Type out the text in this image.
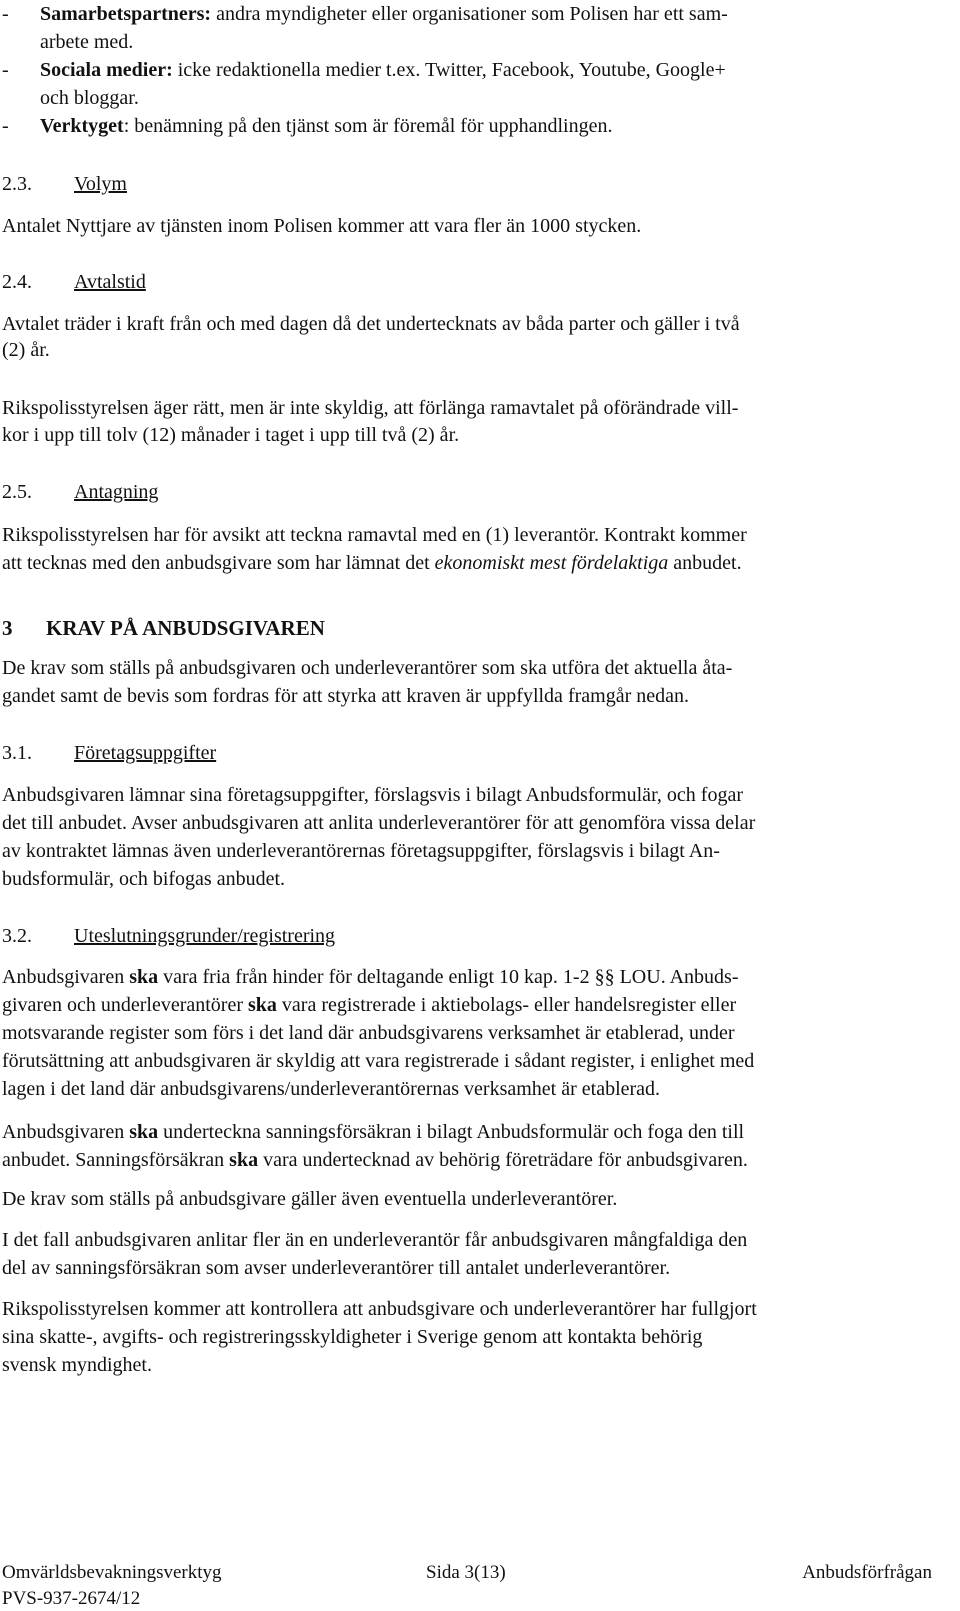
- Samarbetspartners: andra myndigheter eller organisationer som Polisen har ett sam-
arbete med.
- Sociala medier: icke redaktionella medier t.ex. Twitter, Facebook, Youtube, Google+
och bloggar.
- Verktyget: benämning på den tjänst som är föremål för upphandlingen.
2.3. Volym

Antalet Nyttjare av tjänsten inom Polisen kommer att vara fler än 1000 stycken.

2.4. Avtalstid

Avtalet träder i kraft från och med dagen då det undertecknats av båda parter och gäller i två

(2) år.

Rikspolisstyrelsen äger rätt, men är inte skyldig, att förlänga ramavtalet på oförändrade vill-

kor i upp till tolv (12) månader i taget i upp till två (2) år.

2.5. Antagning

Rikspolisstyrelsen har för avsikt att teckna ramavtal med en (1) leverantör. Kontrakt kommer

att tecknas med den anbudsgivare som har lämnat det ekonomiskt mest fördelaktiga anbudet.

3 KRAV PÅ ANBUDSGIVAREN

De krav som ställs på anbudsgivaren och underleverantörer som ska utföra det aktuella åta-

gandet samt de bevis som fordras för att styrka att kraven är uppfyllda framgår nedan.

3.1. Företagsuppgifter

Anbudsgivaren lämnar sina företagsuppgifter, förslagsvis i bilagt Anbudsformulär, och fogar

det till anbudet. Avser anbudsgivaren att anlita underleverantörer för att genomföra vissa delar

av kontraktet lämnas även underleverantörernas företagsuppgifter, förslagsvis i bilagt An-

budsformulär, och bifogas anbudet.

3.2. Uteslutningsgrunder/registrering

Anbudsgivaren ska vara fria från hinder för deltagande enligt 10 kap. 1-2 §§ LOU. Anbuds-

givaren och underleverantörer ska vara registrerade i aktiebolags- eller handelsregister eller

motsvarande register som förs i det land där anbudsgivarens verksamhet är etablerad, under

förutsättning att anbudsgivaren är skyldig att vara registrerade i sådant register, i enlighet med

lagen i det land där anbudsgivarens/underleverantörernas verksamhet är etablerad.

Anbudsgivaren ska underteckna sanningsförsäkran i bilagt Anbudsformulär och foga den till

anbudet. Sanningsförsäkran ska vara undertecknad av behörig företrädare för anbudsgivaren.

De krav som ställs på anbudsgivare gäller även eventuella underleverantörer.

I det fall anbudsgivaren anlitar fler än en underleverantör får anbudsgivaren mångfaldiga den

del av sanningsförsäkran som avser underleverantörer till antalet underleverantörer.

Rikspolisstyrelsen kommer att kontrollera att anbudsgivare och underleverantörer har fullgjort

sina skatte-, avgifts- och registreringsskyldigheter i Sverige genom att kontakta behörig

svensk myndighet.

Omvärldsbevakningsverktyg	Sida 3(13)	Anbudsförfrågan
PVS-937-2674/12
